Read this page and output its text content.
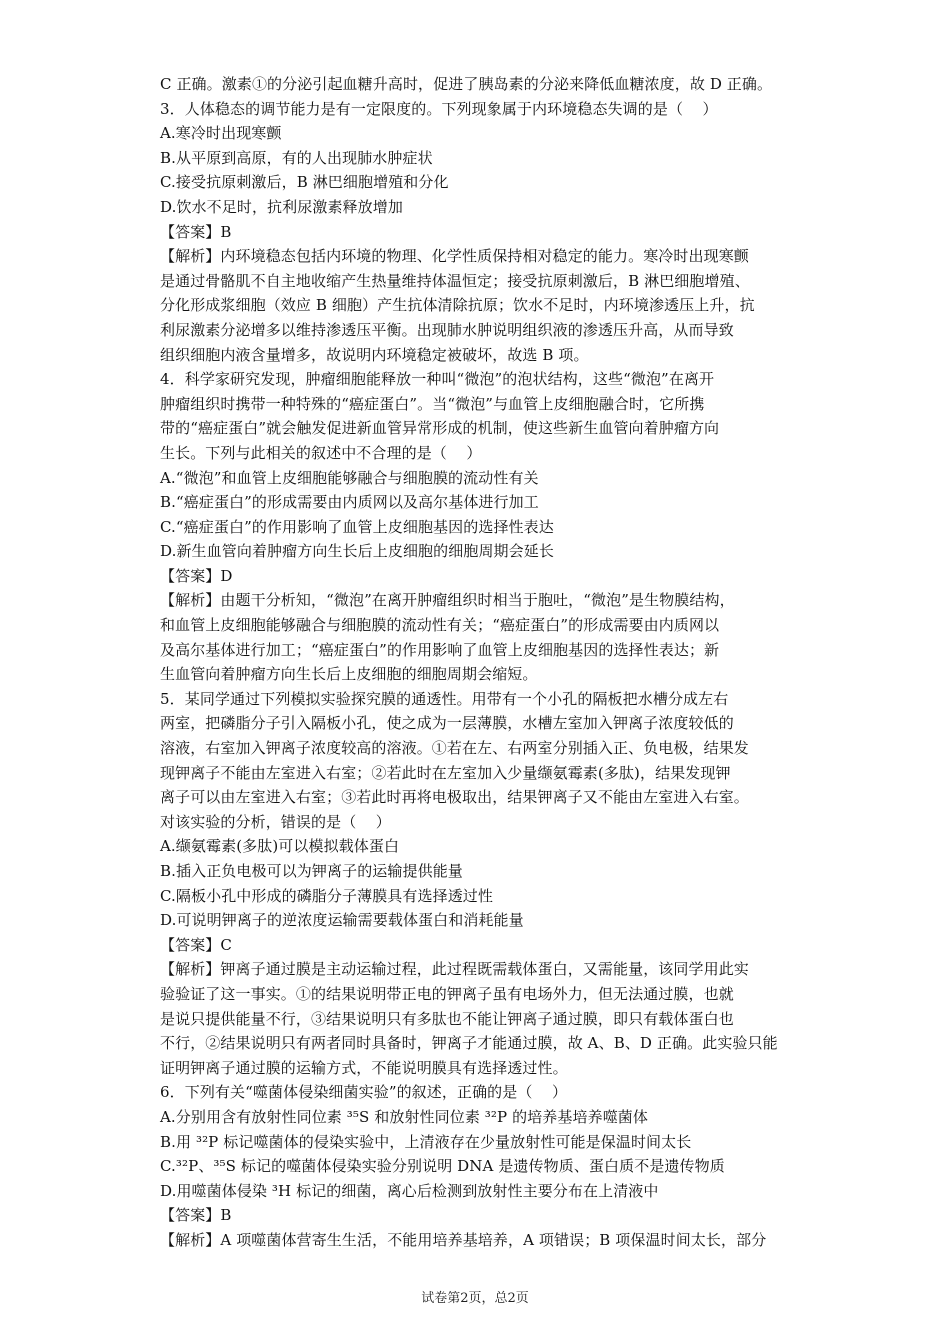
C 正确。激素①的分泌引起血糖升高时，促进了胰岛素的分泌来降低血糖浓度，故 D 正确。
3．人体稳态的调节能力是有一定限度的。下列现象属于内环境稳态失调的是（    ）
A.寒冷时出现寒颤
B.从平原到高原，有的人出现肺水肿症状
C.接受抗原刺激后，B 淋巴细胞增殖和分化
D.饮水不足时，抗利尿激素释放增加
【答案】B
【解析】内环境稳态包括内环境的物理、化学性质保持相对稳定的能力。寒冷时出现寒颤
是通过骨骼肌不自主地收缩产生热量维持体温恒定；接受抗原刺激后，B 淋巴细胞增殖、
分化形成浆细胞（效应 B 细胞）产生抗体清除抗原；饮水不足时，内环境渗透压上升，抗
利尿激素分泌增多以维持渗透压平衡。出现肺水肿说明组织液的渗透压升高，从而导致
组织细胞内液含量增多，故说明内环境稳定被破坏，故选 B 项。
4．科学家研究发现，肿瘤细胞能释放一种叫“微泡”的泡状结构，这些“微泡”在离开
肿瘤组织时携带一种特殊的“癌症蛋白”。当“微泡”与血管上皮细胞融合时，它所携
带的“癌症蛋白”就会触发促进新血管异常形成的机制，使这些新生血管向着肿瘤方向
生长。下列与此相关的叙述中不合理的是（    ）
A.“微泡”和血管上皮细胞能够融合与细胞膜的流动性有关
B.“癌症蛋白”的形成需要由内质网以及高尔基体进行加工
C.“癌症蛋白”的作用影响了血管上皮细胞基因的选择性表达
D.新生血管向着肿瘤方向生长后上皮细胞的细胞周期会延长
【答案】D
【解析】由题干分析知，“微泡”在离开肿瘤组织时相当于胞吐，“微泡”是生物膜结构，
和血管上皮细胞能够融合与细胞膜的流动性有关；“癌症蛋白”的形成需要由内质网以
及高尔基体进行加工；“癌症蛋白”的作用影响了血管上皮细胞基因的选择性表达；新
生血管向着肿瘤方向生长后上皮细胞的细胞周期会缩短。
5．某同学通过下列模拟实验探究膜的通透性。用带有一个小孔的隔板把水槽分成左右
两室，把磷脂分子引入隔板小孔，使之成为一层薄膜，水槽左室加入钾离子浓度较低的
溶液，右室加入钾离子浓度较高的溶液。①若在左、右两室分别插入正、负电极，结果发
现钾离子不能由左室进入右室；②若此时在左室加入少量缬氨霉素(多肽)，结果发现钾
离子可以由左室进入右室；③若此时再将电极取出，结果钾离子又不能由左室进入右室。
对该实验的分析，错误的是（    ）
A.缬氨霉素(多肽)可以模拟载体蛋白
B.插入正负电极可以为钾离子的运输提供能量
C.隔板小孔中形成的磷脂分子薄膜具有选择透过性
D.可说明钾离子的逆浓度运输需要载体蛋白和消耗能量
【答案】C
【解析】钾离子通过膜是主动运输过程，此过程既需载体蛋白，又需能量，该同学用此实
验验证了这一事实。①的结果说明带正电的钾离子虽有电场外力，但无法通过膜，也就
是说只提供能量不行，③结果说明只有多肽也不能让钾离子通过膜，即只有载体蛋白也
不行，②结果说明只有两者同时具备时，钾离子才能通过膜，故 A、B、D 正确。此实验只能
证明钾离子通过膜的运输方式，不能说明膜具有选择透过性。
6．下列有关“噬菌体侵染细菌实验”的叙述，正确的是（    ）
A.分别用含有放射性同位素 ³⁵S 和放射性同位素 ³²P 的培养基培养噬菌体
B.用 ³²P 标记噬菌体的侵染实验中，上清液存在少量放射性可能是保温时间太长
C.³²P、³⁵S 标记的噬菌体侵染实验分别说明 DNA 是遗传物质、蛋白质不是遗传物质
D.用噬菌体侵染 ³H 标记的细菌，离心后检测到放射性主要分布在上清液中
【答案】B
【解析】A 项噬菌体营寄生生活，不能用培养基培养，A 项错误；B 项保温时间太长，部分
试卷第2页，总2页
